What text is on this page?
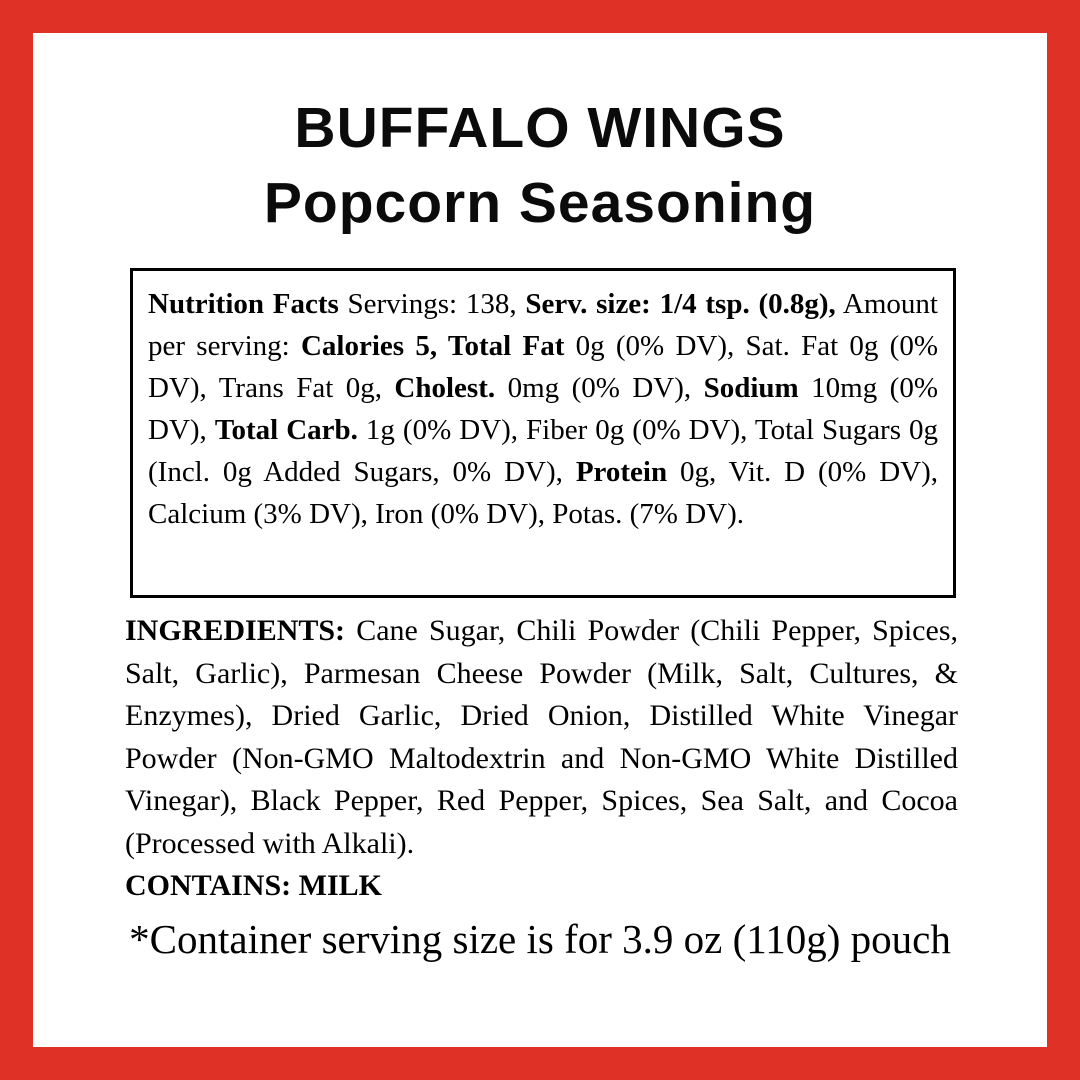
BUFFALO WINGS
Popcorn Seasoning
Nutrition Facts Servings: 138, Serv. size: 1/4 tsp. (0.8g), Amount per serving: Calories 5, Total Fat 0g (0% DV), Sat. Fat 0g (0% DV), Trans Fat 0g, Cholest. 0mg (0% DV), Sodium 10mg (0% DV), Total Carb. 1g (0% DV), Fiber 0g (0% DV), Total Sugars 0g (Incl. 0g Added Sugars, 0% DV), Protein 0g, Vit. D (0% DV), Calcium (3% DV), Iron (0% DV), Potas. (7% DV).
INGREDIENTS: Cane Sugar, Chili Powder (Chili Pepper, Spices, Salt, Garlic), Parmesan Cheese Powder (Milk, Salt, Cultures, & Enzymes), Dried Garlic, Dried Onion, Distilled White Vinegar Powder (Non-GMO Maltodextrin and Non-GMO White Distilled Vinegar), Black Pepper, Red Pepper, Spices, Sea Salt, and Cocoa (Processed with Alkali).
CONTAINS: MILK
*Container serving size is for 3.9 oz (110g) pouch
